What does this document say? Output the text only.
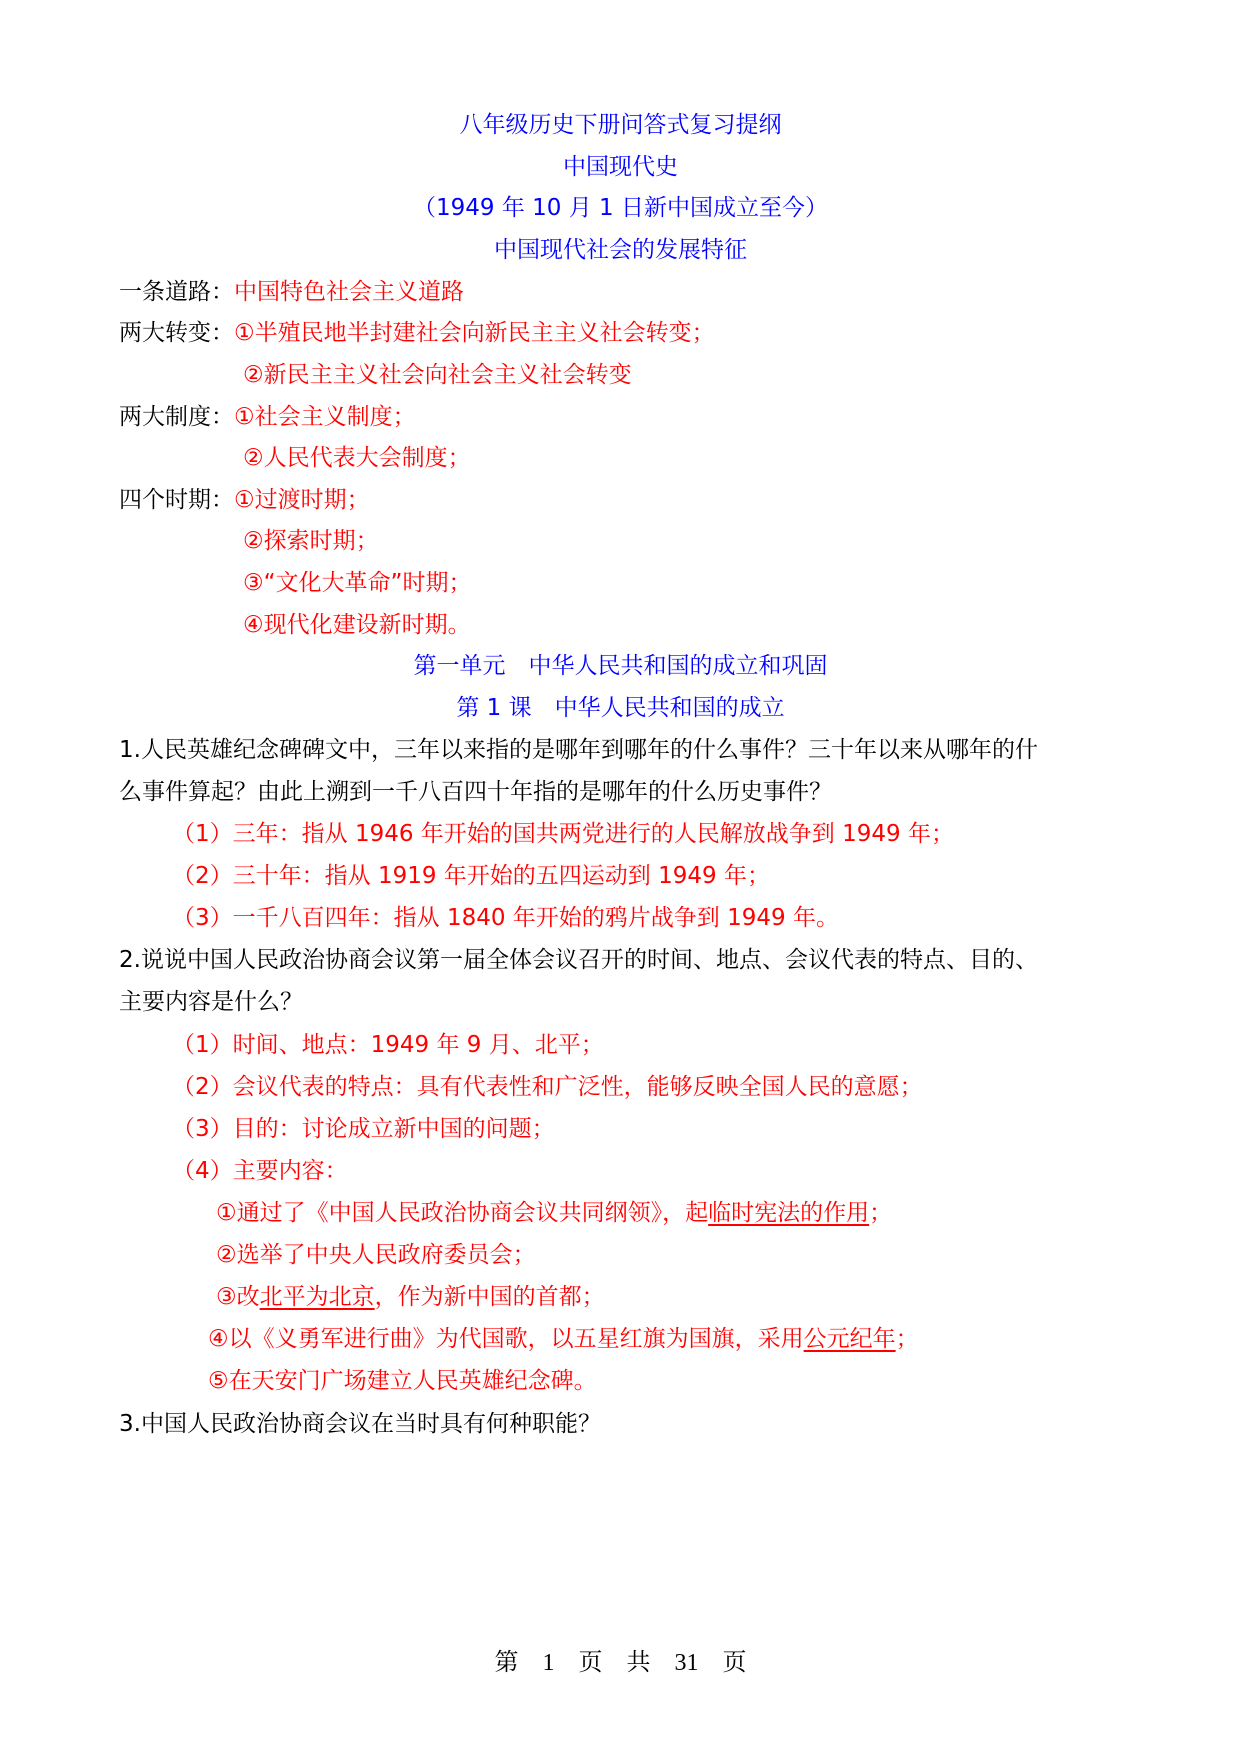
八年级历史下册问答式复习提纲
中国现代史
（1949 年 10 月 1 日新中国成立至今）
中国现代社会的发展特征
一条道路：中国特色社会主义道路
两大转变：①半殖民地半封建社会向新民主主义社会转变；
②新民主主义社会向社会主义社会转变
两大制度：①社会主义制度；
②人民代表大会制度；
四个时期：①过渡时期；
②探索时期；
③“文化大革命”时期；
④现代化建设新时期。
第一单元　中华人民共和国的成立和巩固
第 1 课　中华人民共和国的成立
1.人民英雄纪念碑碑文中，三年以来指的是哪年到哪年的什么事件？三十年以来从哪年的什
么事件算起？由此上溯到一千八百四十年指的是哪年的什么历史事件？
（1）三年：指从 1946 年开始的国共两党进行的人民解放战争到 1949 年；
（2）三十年：指从 1919 年开始的五四运动到 1949 年；
（3）一千八百四年：指从 1840 年开始的鸦片战争到 1949 年。
2.说说中国人民政治协商会议第一届全体会议召开的时间、地点、会议代表的特点、目的、
主要内容是什么？
（1）时间、地点：1949 年 9 月、北平；
（2）会议代表的特点：具有代表性和广泛性，能够反映全国人民的意愿；
（3）目的：讨论成立新中国的问题；
（4）主要内容：
①通过了《中国人民政治协商会议共同纲领》，起临时宪法的作用；
②选举了中央人民政府委员会；
③改北平为北京，作为新中国的首都；
④以《义勇军进行曲》为代国歌，以五星红旗为国旗，采用公元纪年；
⑤在天安门广场建立人民英雄纪念碑。
3.中国人民政治协商会议在当时具有何种职能？
第　1　页　共　31　页
